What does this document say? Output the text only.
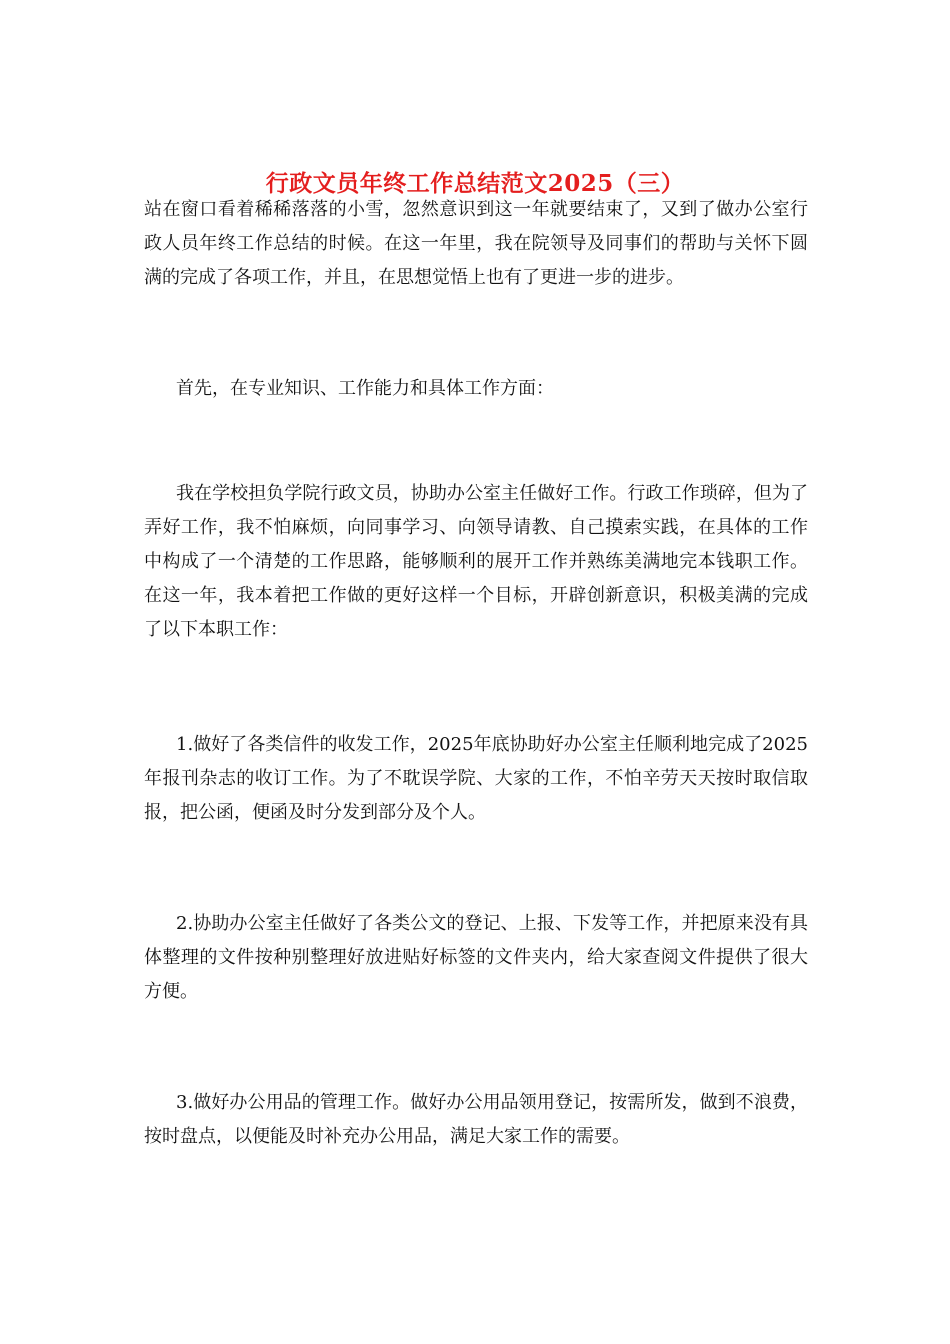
行政文员年终工作总结范文2025（三）

站在窗口看着稀稀落落的小雪，忽然意识到这一年就要结束了，又到了做办公室行政人员年终工作总结的时候。在这一年里，我在院领导及同事们的帮助与关怀下圆满的完成了各项工作，并且，在思想觉悟上也有了更进一步的进步。

首先，在专业知识、工作能力和具体工作方面：

我在学校担负学院行政文员，协助办公室主任做好工作。行政工作琐碎，但为了弄好工作，我不怕麻烦，向同事学习、向领导请教、自己摸索实践，在具体的工作中构成了一个清楚的工作思路，能够顺利的展开工作并熟练美满地完本钱职工作。在这一年，我本着把工作做的更好这样一个目标，开辟创新意识，积极美满的完成了以下本职工作：

1.做好了各类信件的收发工作，2025年底协助好办公室主任顺利地完成了2025年报刊杂志的收订工作。为了不耽误学院、大家的工作，不怕辛劳天天按时取信取报，把公函，便函及时分发到部分及个人。

2.协助办公室主任做好了各类公文的登记、上报、下发等工作，并把原来没有具体整理的文件按种别整理好放进贴好标签的文件夹内，给大家查阅文件提供了很大方便。

3.做好办公用品的管理工作。做好办公用品领用登记，按需所发，做到不浪费，按时盘点，以便能及时补充办公用品，满足大家工作的需要。
